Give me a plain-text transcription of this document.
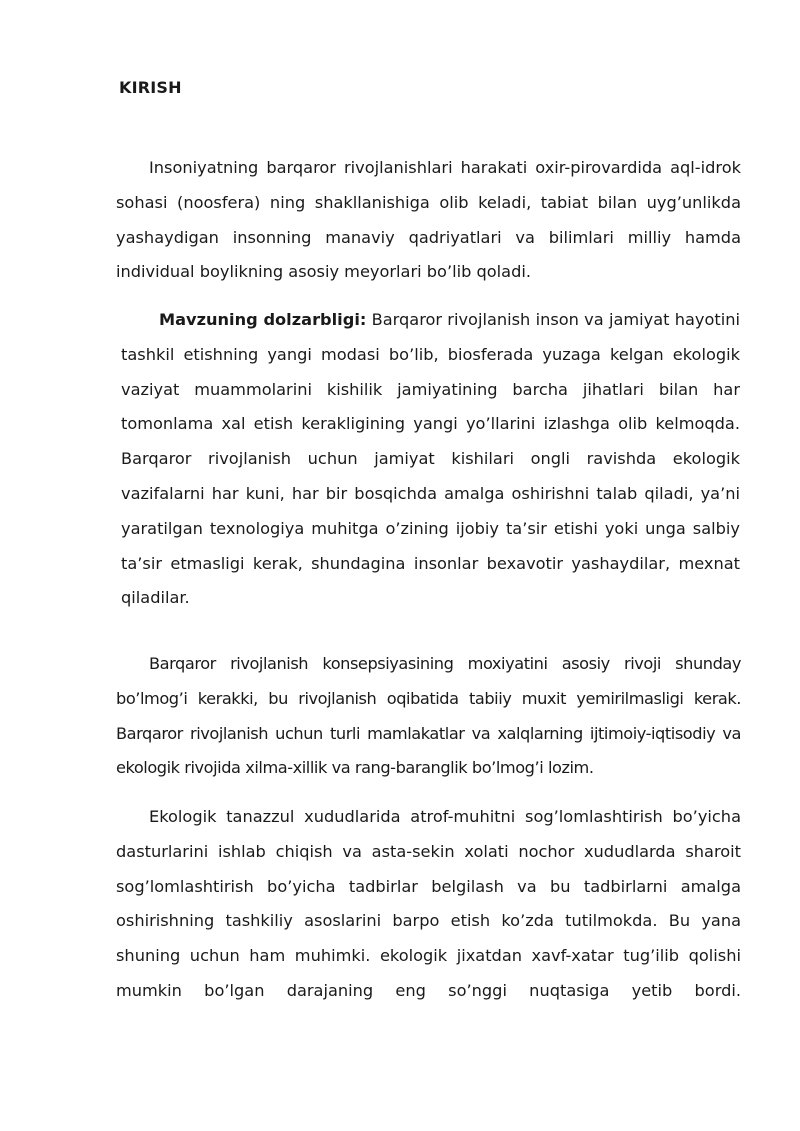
KIRISH

Insoniyatning barqaror rivojlanishlari harakati oxir-pirovardida aql-idrok sohasi (noosfera) ning shakllanishiga olib keladi, tabiat bilan uyg’unlikda yashaydigan insonning manaviy qadriyatlari va bilimlari milliy hamda individual boylikning asosiy meyorlari bo’lib qoladi.

Mavzuning dolzarbligi: Barqaror rivojlanish inson va jamiyat hayotini tashkil etishning yangi modasi bo’lib, biosferada yuzaga kelgan ekologik vaziyat muammolarini kishilik jamiyatining barcha jihatlari bilan har tomonlama xal etish kerakligining yangi yo’llarini izlashga olib kelmoqda. Barqaror rivojlanish uchun jamiyat kishilari ongli ravishda ekologik vazifalarni har kuni, har bir bosqichda amalga oshirishni talab qiladi, ya’ni yaratilgan texnologiya muhitga o’zining ijobiy ta’sir etishi yoki unga salbiy ta’sir etmasligi kerak, shundagina insonlar bexavotir yashaydilar, mexnat qiladilar.

Barqaror rivojlanish konsepsiyasining moxiyatini asosiy rivoji shunday bo’lmog’i kerakki, bu rivojlanish oqibatida tabiiy muxit yemirilmasligi kerak. Barqaror rivojlanish uchun turli mamlakatlar va xalqlarning ijtimoiy-iqtisodiy va ekologik rivojida xilma-xillik va rang-baranglik bo’lmog’i lozim.

Ekologik tanazzul xududlarida atrof-muhitni sog’lomlashtirish bo’yicha dasturlarini ishlab chiqish va asta-sekin xolati nochor xududlarda sharoit sog’lomlashtirish bo’yicha tadbirlar belgilash va bu tadbirlarni amalga oshirishning tashkiliy asoslarini barpo etish ko’zda tutilmokda. Bu yana shuning uchun ham muhimki. ekologik jixatdan xavf-xatar tug’ilib qolishi mumkin bo’lgan darajaning eng so’nggi nuqtasiga yetib bordi.
